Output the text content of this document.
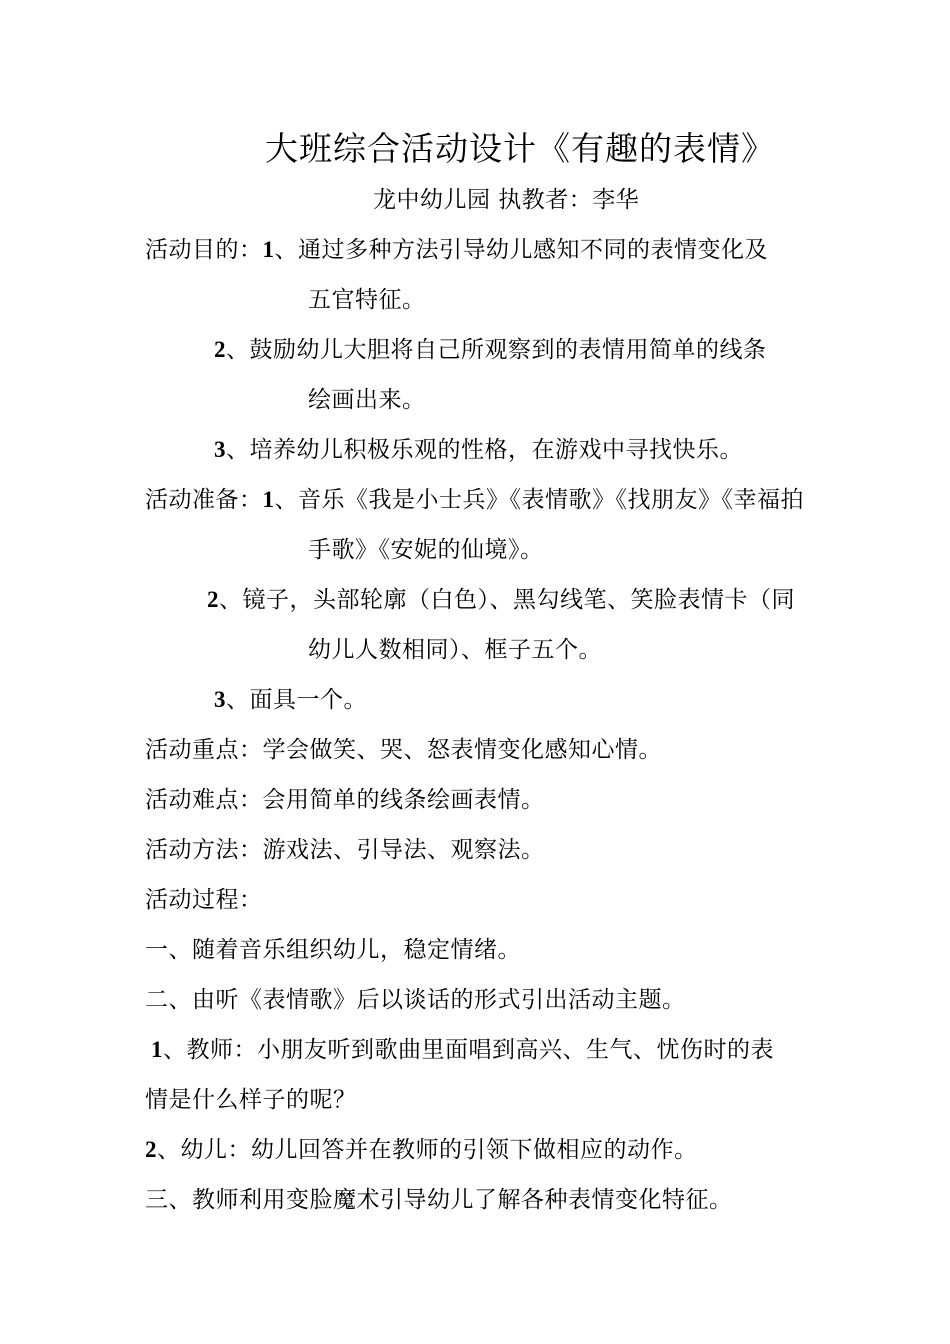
大班综合活动设计《有趣的表情》
龙中幼儿园 执教者：李华
活动目的：1、通过多种方法引导幼儿感知不同的表情变化及
五官特征。
2、鼓励幼儿大胆将自己所观察到的表情用简单的线条
绘画出来。
3、培养幼儿积极乐观的性格，在游戏中寻找快乐。
活动准备：1、音乐《我是小士兵》《表情歌》《找朋友》《幸福拍
手歌》《安妮的仙境》。
2、镜子，头部轮廓（白色）、黑勾线笔、笑脸表情卡（同
幼儿人数相同）、框子五个。
3、面具一个。
活动重点：学会做笑、哭、怒表情变化感知心情。
活动难点：会用简单的线条绘画表情。
活动方法：游戏法、引导法、观察法。
活动过程：
一、随着音乐组织幼儿，稳定情绪。
二、由听《表情歌》后以谈话的形式引出活动主题。
1、教师：小朋友听到歌曲里面唱到高兴、生气、忧伤时的表
情是什么样子的呢？
2、幼儿：幼儿回答并在教师的引领下做相应的动作。
三、教师利用变脸魔术引导幼儿了解各种表情变化特征。
